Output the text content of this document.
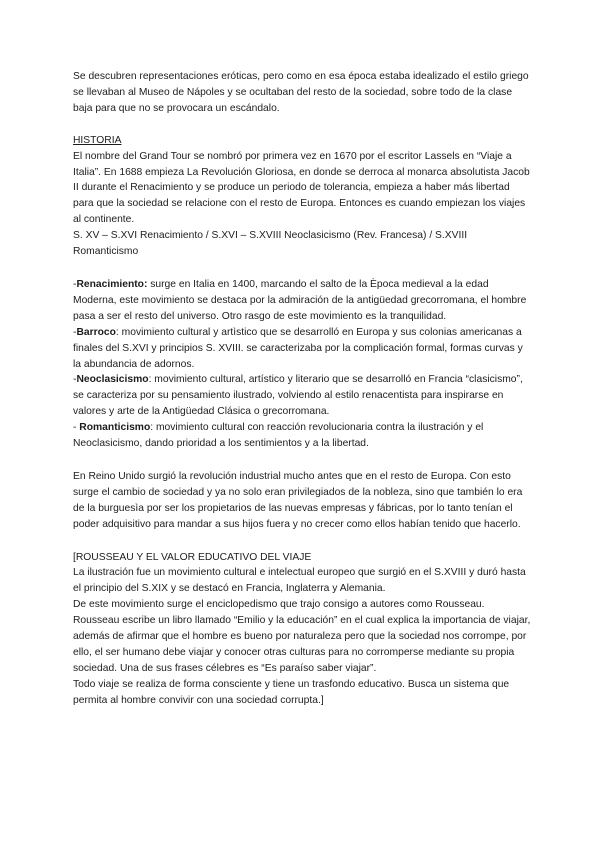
Se descubren representaciones eróticas, pero como en esa época estaba idealizado el estilo griego se llevaban al Museo de Nápoles y se ocultaban del resto de la sociedad, sobre todo de la clase baja para que no se provocara un escándalo.

HISTORIA

El nombre del Grand Tour se nombró por primera vez en 1670 por el escritor Lassels en “Viaje a Italia”. En 1688 empieza La Revolución Gloriosa, en donde se derroca al monarca absolutista Jacob II durante el Renacimiento y se produce un periodo de tolerancia, empieza a haber más libertad para que la sociedad se relacione con el resto de Europa. Entonces es cuando empiezan los viajes al continente.

S. XV – S.XVI Renacimiento / S.XVI – S.XVIII Neoclasicismo (Rev. Francesa) / S.XVIII

Romanticismo

-Renacimiento: surge en Italia en 1400, marcando el salto de la Època medieval a la edad Moderna, este movimiento se destaca por la admiración de la antigüedad grecorromana, el hombre pasa a ser el resto del universo. Otro rasgo de este movimiento es la tranquilidad.

-Barroco: movimiento cultural y artìstico que se desarrolló en Europa y sus colonias americanas a finales del S.XVI y principios S. XVIII. se caracterizaba por la complicación formal, formas curvas y la abundancia de adornos.

-Neoclasicismo: movimiento cultural, artístico y literario que se desarrolló en Francia “clasicismo”, se caracteriza por su pensamiento ilustrado, volviendo al estilo renacentista para inspirarse en valores y arte de la Antigüedad Clásica o grecorromana.

- Romanticismo: movimiento cultural con reacción revolucionaria contra la ilustración y el Neoclasicismo, dando prioridad a los sentimientos y a la libertad.

En Reino Unido surgió la revolución industrial mucho antes que en el resto de Europa. Con esto surge el cambio de sociedad y ya no solo eran privilegiados de la nobleza, sino que también lo era de la burguesìa por ser los propietarios de las nuevas empresas y fábricas, por lo tanto tenían el poder adquisitivo para mandar a sus hijos fuera y no crecer como ellos habían tenido que hacerlo.

[ROUSSEAU Y EL VALOR EDUCATIVO DEL VIAJE

La ilustración fue un movimiento cultural e intelectual europeo que surgió en el S.XVIII y duró hasta el principio del S.XIX y se destacó en Francia, Inglaterra y Alemania.

De este movimiento surge el enciclopedismo que trajo consigo a autores como Rousseau. Rousseau escribe un libro llamado “Emilio y la educación” en el cual explica la importancia de viajar, además de afirmar que el hombre es bueno por naturaleza pero que la sociedad nos corrompe, por ello, el ser humano debe viajar y conocer otras culturas para no corromperse mediante su propia sociedad. Una de sus frases célebres es “Es paraíso saber viajar”.

Todo viaje se realiza de forma consciente y tiene un trasfondo educativo. Busca un sistema que permita al hombre convivir con una sociedad corrupta.]
